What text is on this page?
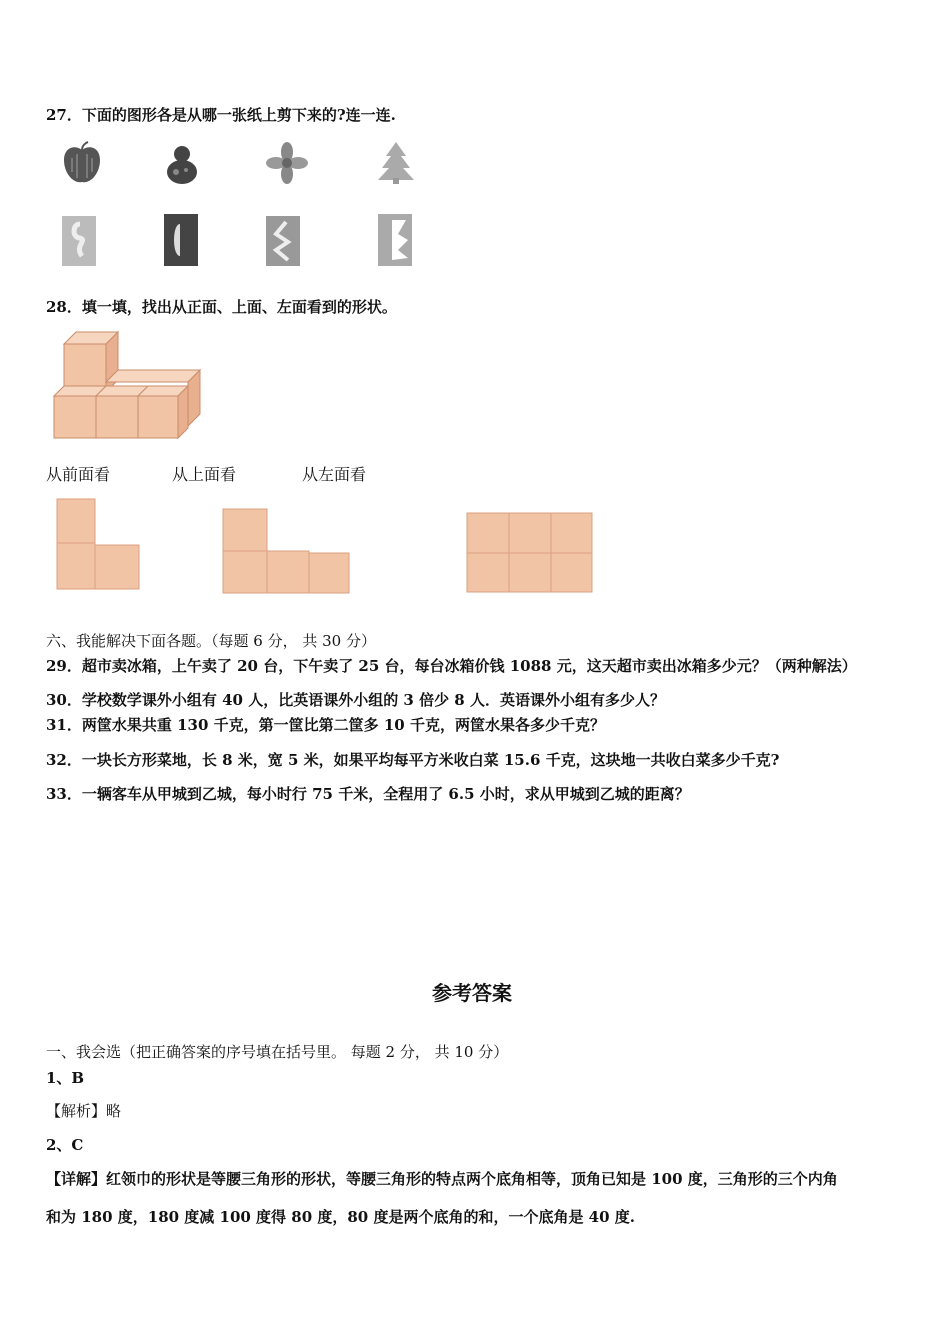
27．下面的图形各是从哪一张纸上剪下来的?连一连.
28．填一填，找出从正面、上面、左面看到的形状。
从前面看	从上面看	从左面看
六、我能解决下面各题。（每题 6 分， 共 30 分）
29．超市卖冰箱，上午卖了 20 台，下午卖了 25 台，每台冰箱价钱 1088 元，这天超市卖出冰箱多少元？（两种解法）
30．学校数学课外小组有 40 人，比英语课外小组的 3 倍少 8 人．英语课外小组有多少人？
31．两筐水果共重 130 千克，第一筐比第二筐多 10 千克，两筐水果各多少千克？
32．一块长方形菜地，长 8 米，宽 5 米，如果平均每平方米收白菜 15.6 千克，这块地一共收白菜多少千克?
33．一辆客车从甲城到乙城，每小时行 75 千米，全程用了 6.5 小时，求从甲城到乙城的距离？
参考答案
一、我会选（把正确答案的序号填在括号里。 每题 2 分， 共 10 分）
1、B
【解析】略
2、C
【详解】红领巾的形状是等腰三角形的形状，等腰三角形的特点两个底角相等，顶角已知是 100 度，三角形的三个内角
和为 180 度，180 度减 100 度得 80 度，80 度是两个底角的和，一个底角是 40 度.
